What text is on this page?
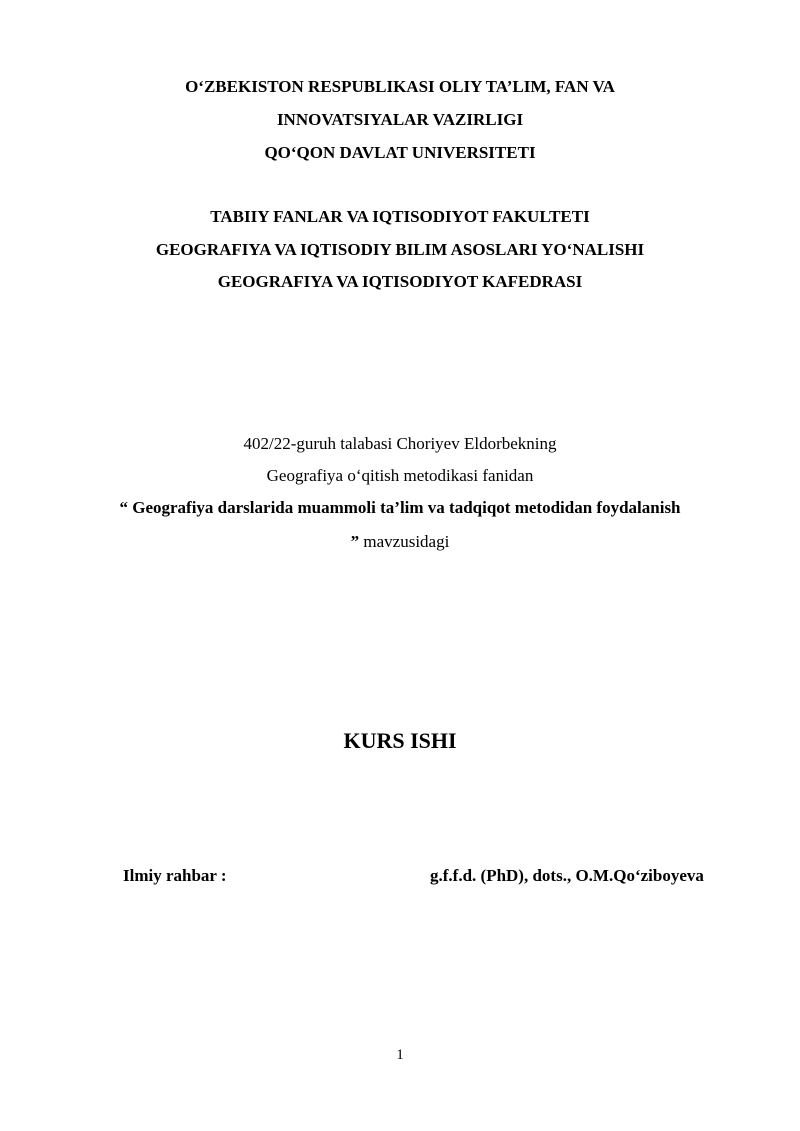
O‘ZBEKISTON RESPUBLIKASI OLIY TA’LIM, FAN VA
INNOVATSIYALAR VAZIRLIGI
QO‘QON DAVLAT UNIVERSITETI
TABIIY FANLAR VA IQTISODIYOT FAKULTETI
GEOGRAFIYA VA IQTISODIY BILIM ASOSLARI YO‘NALISHI
GEOGRAFIYA VA IQTISODIYOT KAFEDRASI
402/22-guruh talabasi Choriyev Eldorbekning
Geografiya o‘qitish metodikasi fanidan
“ Geografiya darslarida muammoli ta’lim va tadqiqot metodidan foydalanish
” mavzusidagi
KURS ISHI
Ilmiy rahbar :	g.f.f.d. (PhD), dots., O.M.Qo‘ziboyeva
1
